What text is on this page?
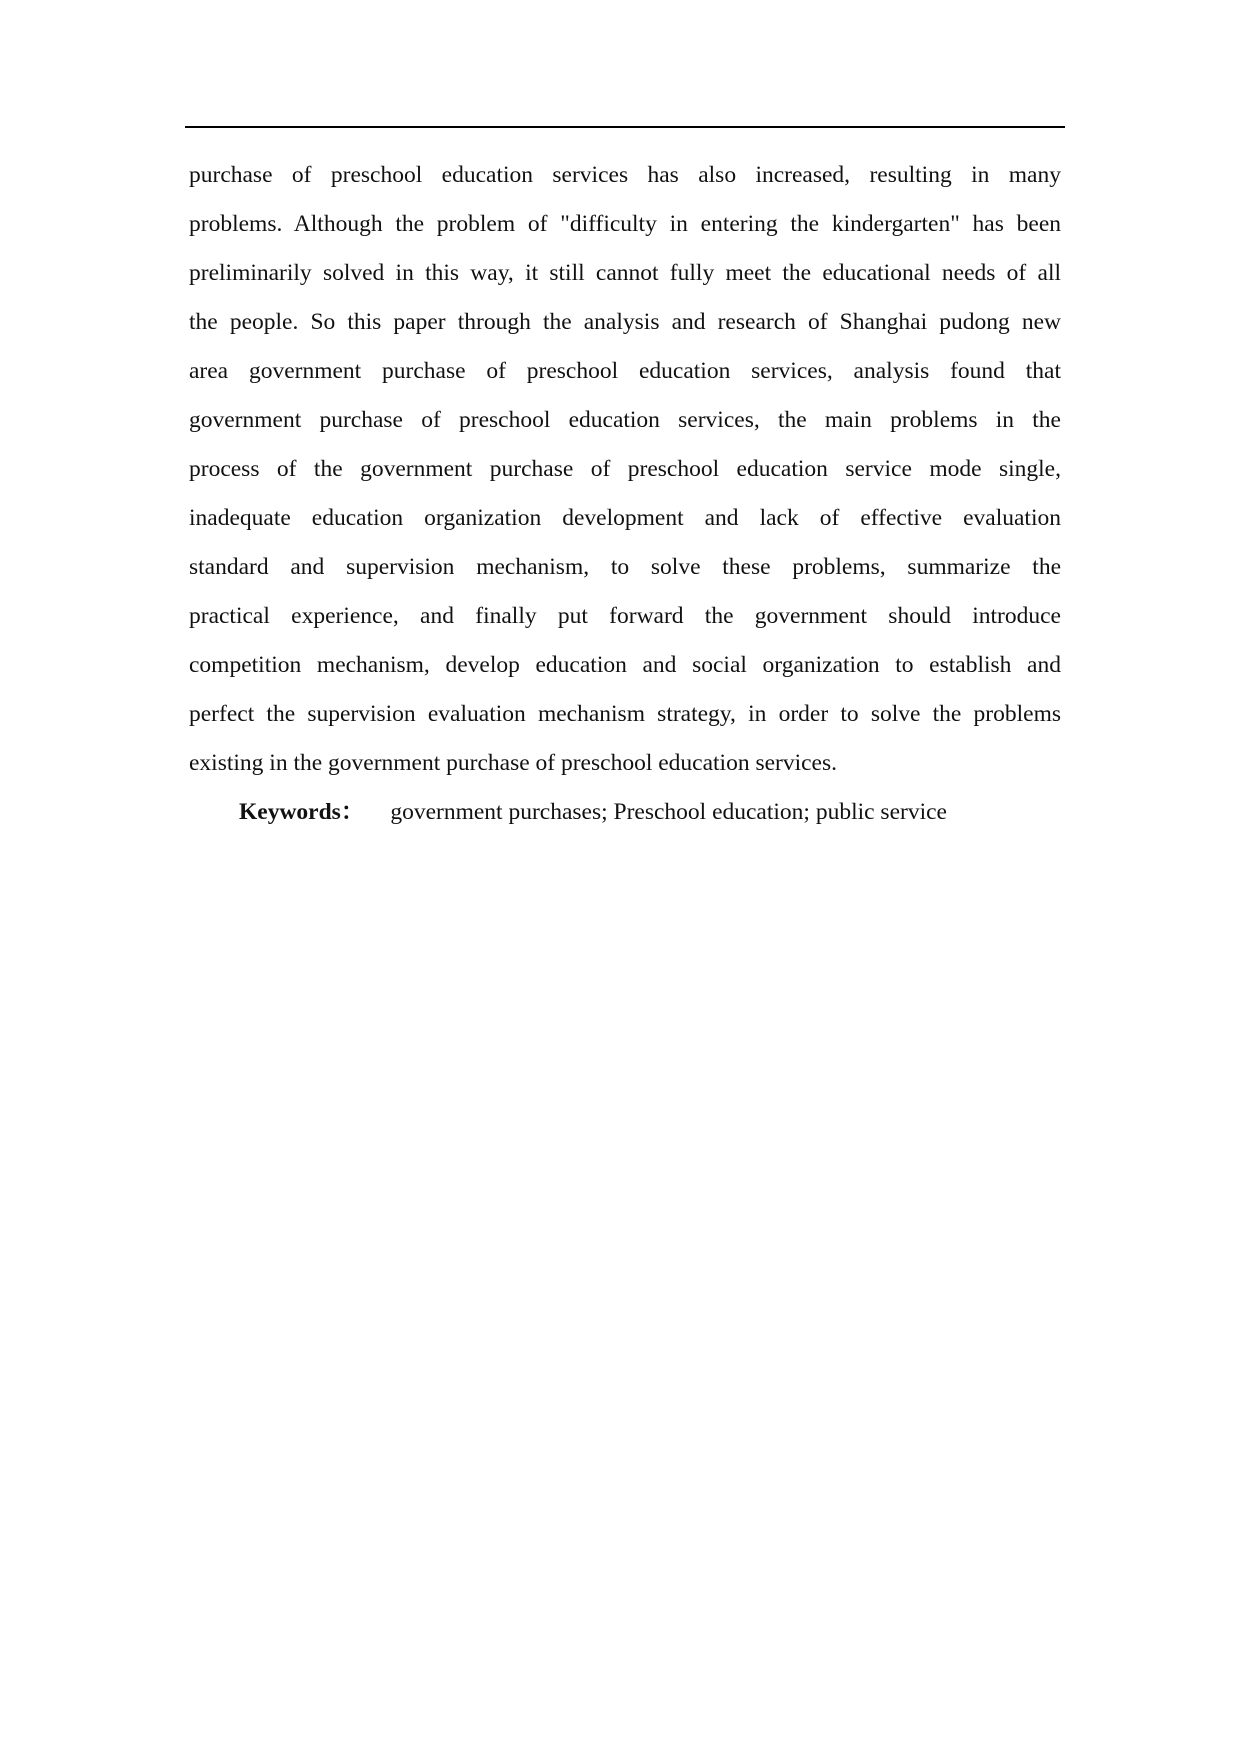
purchase of preschool education services has also increased, resulting in many
problems. Although the problem of "difficulty in entering the kindergarten" has been
preliminarily solved in this way, it still cannot fully meet the educational needs of all
the people. So this paper through the analysis and research of Shanghai pudong new
area government purchase of preschool education services, analysis found that
government purchase of preschool education services, the main problems in the
process of the government purchase of preschool education service mode single,
inadequate education organization development and lack of effective evaluation
standard and supervision mechanism, to solve these problems, summarize the
practical experience, and finally put forward the government should introduce
competition mechanism, develop education and social organization to establish and
perfect the supervision evaluation mechanism strategy, in order to solve the problems
existing in the government purchase of preschool education services.
Keywords： government purchases; Preschool education; public service
